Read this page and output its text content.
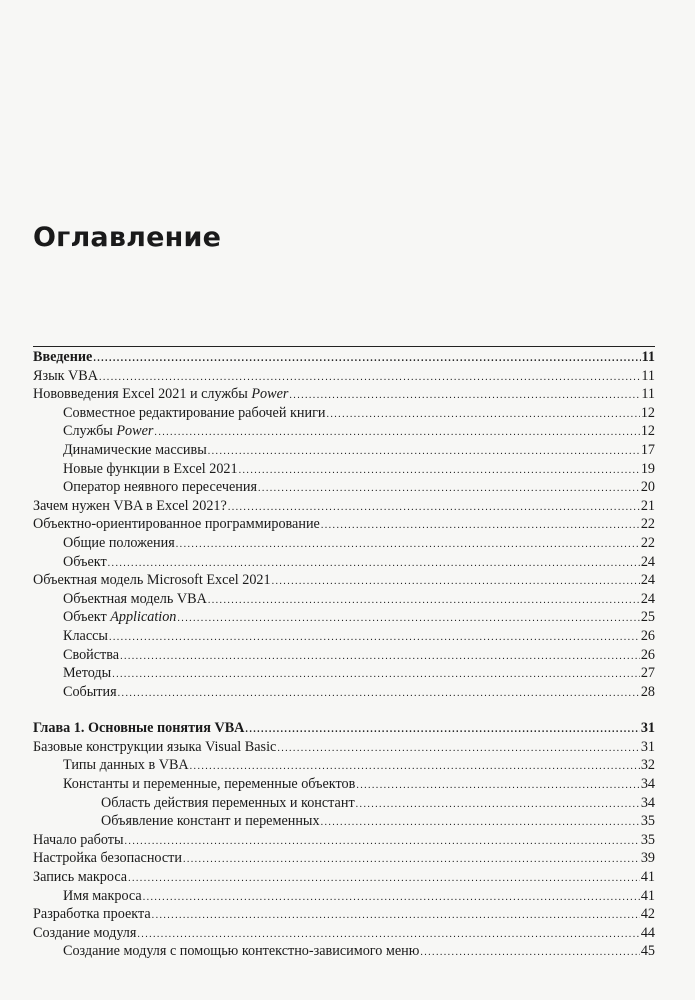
Оглавление
Введение .....	11
Язык VBA .....	11
Нововведения Excel 2021 и службы Power .....	11
Совместное редактирование рабочей книги .....	12
Службы Power .....	12
Динамические массивы .....	17
Новые функции в Excel 2021 .....	19
Оператор неявного пересечения .....	20
Зачем нужен VBA в Excel 2021? .....	21
Объектно-ориентированное программирование .....	22
Общие положения .....	22
Объект .....	24
Объектная модель Microsoft Excel 2021 .....	24
Объектная модель VBA .....	24
Объект Application .....	25
Классы .....	26
Свойства .....	26
Методы .....	27
События .....	28
Глава 1. Основные понятия VBA .....	31
Базовые конструкции языка Visual Basic .....	31
Типы данных в VBA .....	32
Константы и переменные, переменные объектов .....	34
Область действия переменных и констант .....	34
Объявление констант и переменных .....	35
Начало работы .....	35
Настройка безопасности .....	39
Запись макроса .....	41
Имя макроса .....	41
Разработка проекта .....	42
Создание модуля .....	44
Создание модуля с помощью контекстно-зависимого меню .....	45
